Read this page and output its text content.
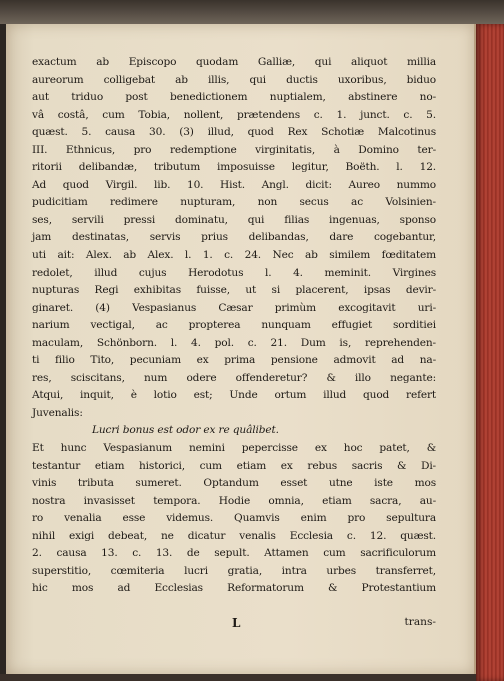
exactum ab Episcopo quodam Galliæ, qui aliquot millia
aureorum colligebat ab illis, qui ductis uxoribus, biduo
aut triduo post benedictionem nuptialem, abstinere no-
vâ costâ, cum Tobia, nollent, prætendens c. 1. junct. c. 5.
quæst. 5. causa 30. (3) illud, quod Rex Schotiæ Malcotinus
III. Ethnicus, pro redemptione virginitatis, à Domino ter-
ritorii delibandæ, tributum imposuisse legitur, Boëth. l. 12.
Ad quod Virgil. lib. 10. Hist. Angl. dicit: Aureo nummo
pudicitiam redimere nupturam, non secus ac Volsinien-
ses, servili pressi dominatu, qui filias ingenuas, sponso
jam destinatas, servis prius delibandas, dare cogebantur,
uti ait: Alex. ab Alex. l. 1. c. 24. Nec ab similem fœditatem
redolet, illud cujus Herodotus l. 4. meminit. Virgines
nupturas Regi exhibitas fuisse, ut si placerent, ipsas devir-
ginaret. (4) Vespasianus Cæsar primùm excogitavit uri-
narium vectigal, ac propterea nunquam effugiet sorditiei
maculam, Schönborn. l. 4. pol. c. 21. Dum is, reprehenden-
ti filio Tito, pecuniam ex prima pensione admovit ad na-
res, sciscitans, num odere offenderetur? & illo negante:
Atqui, inquit, è lotio est; Unde ortum illud quod refert
Juvenalis:
Lucri bonus est odor ex re quâlibet.
Et hunc Vespasianum nemini pepercisse ex hoc patet, &
testantur etiam historici, cum etiam ex rebus sacris & Di-
vinis tributa sumeret. Optandum esset utne iste mos
nostra invasisset tempora. Hodie omnia, etiam sacra, au-
ro venalia esse videmus. Quamvis enim pro sepultura
nihil exigi debeat, ne dicatur venalis Ecclesia c. 12. quæst.
2. causa 13. c. 13. de sepult. Attamen cum sacrificulorum
superstitio, cœmiteria lucri gratia, intra urbes transferret,
hic mos ad Ecclesias Reformatorum & Protestantium
L	trans-
